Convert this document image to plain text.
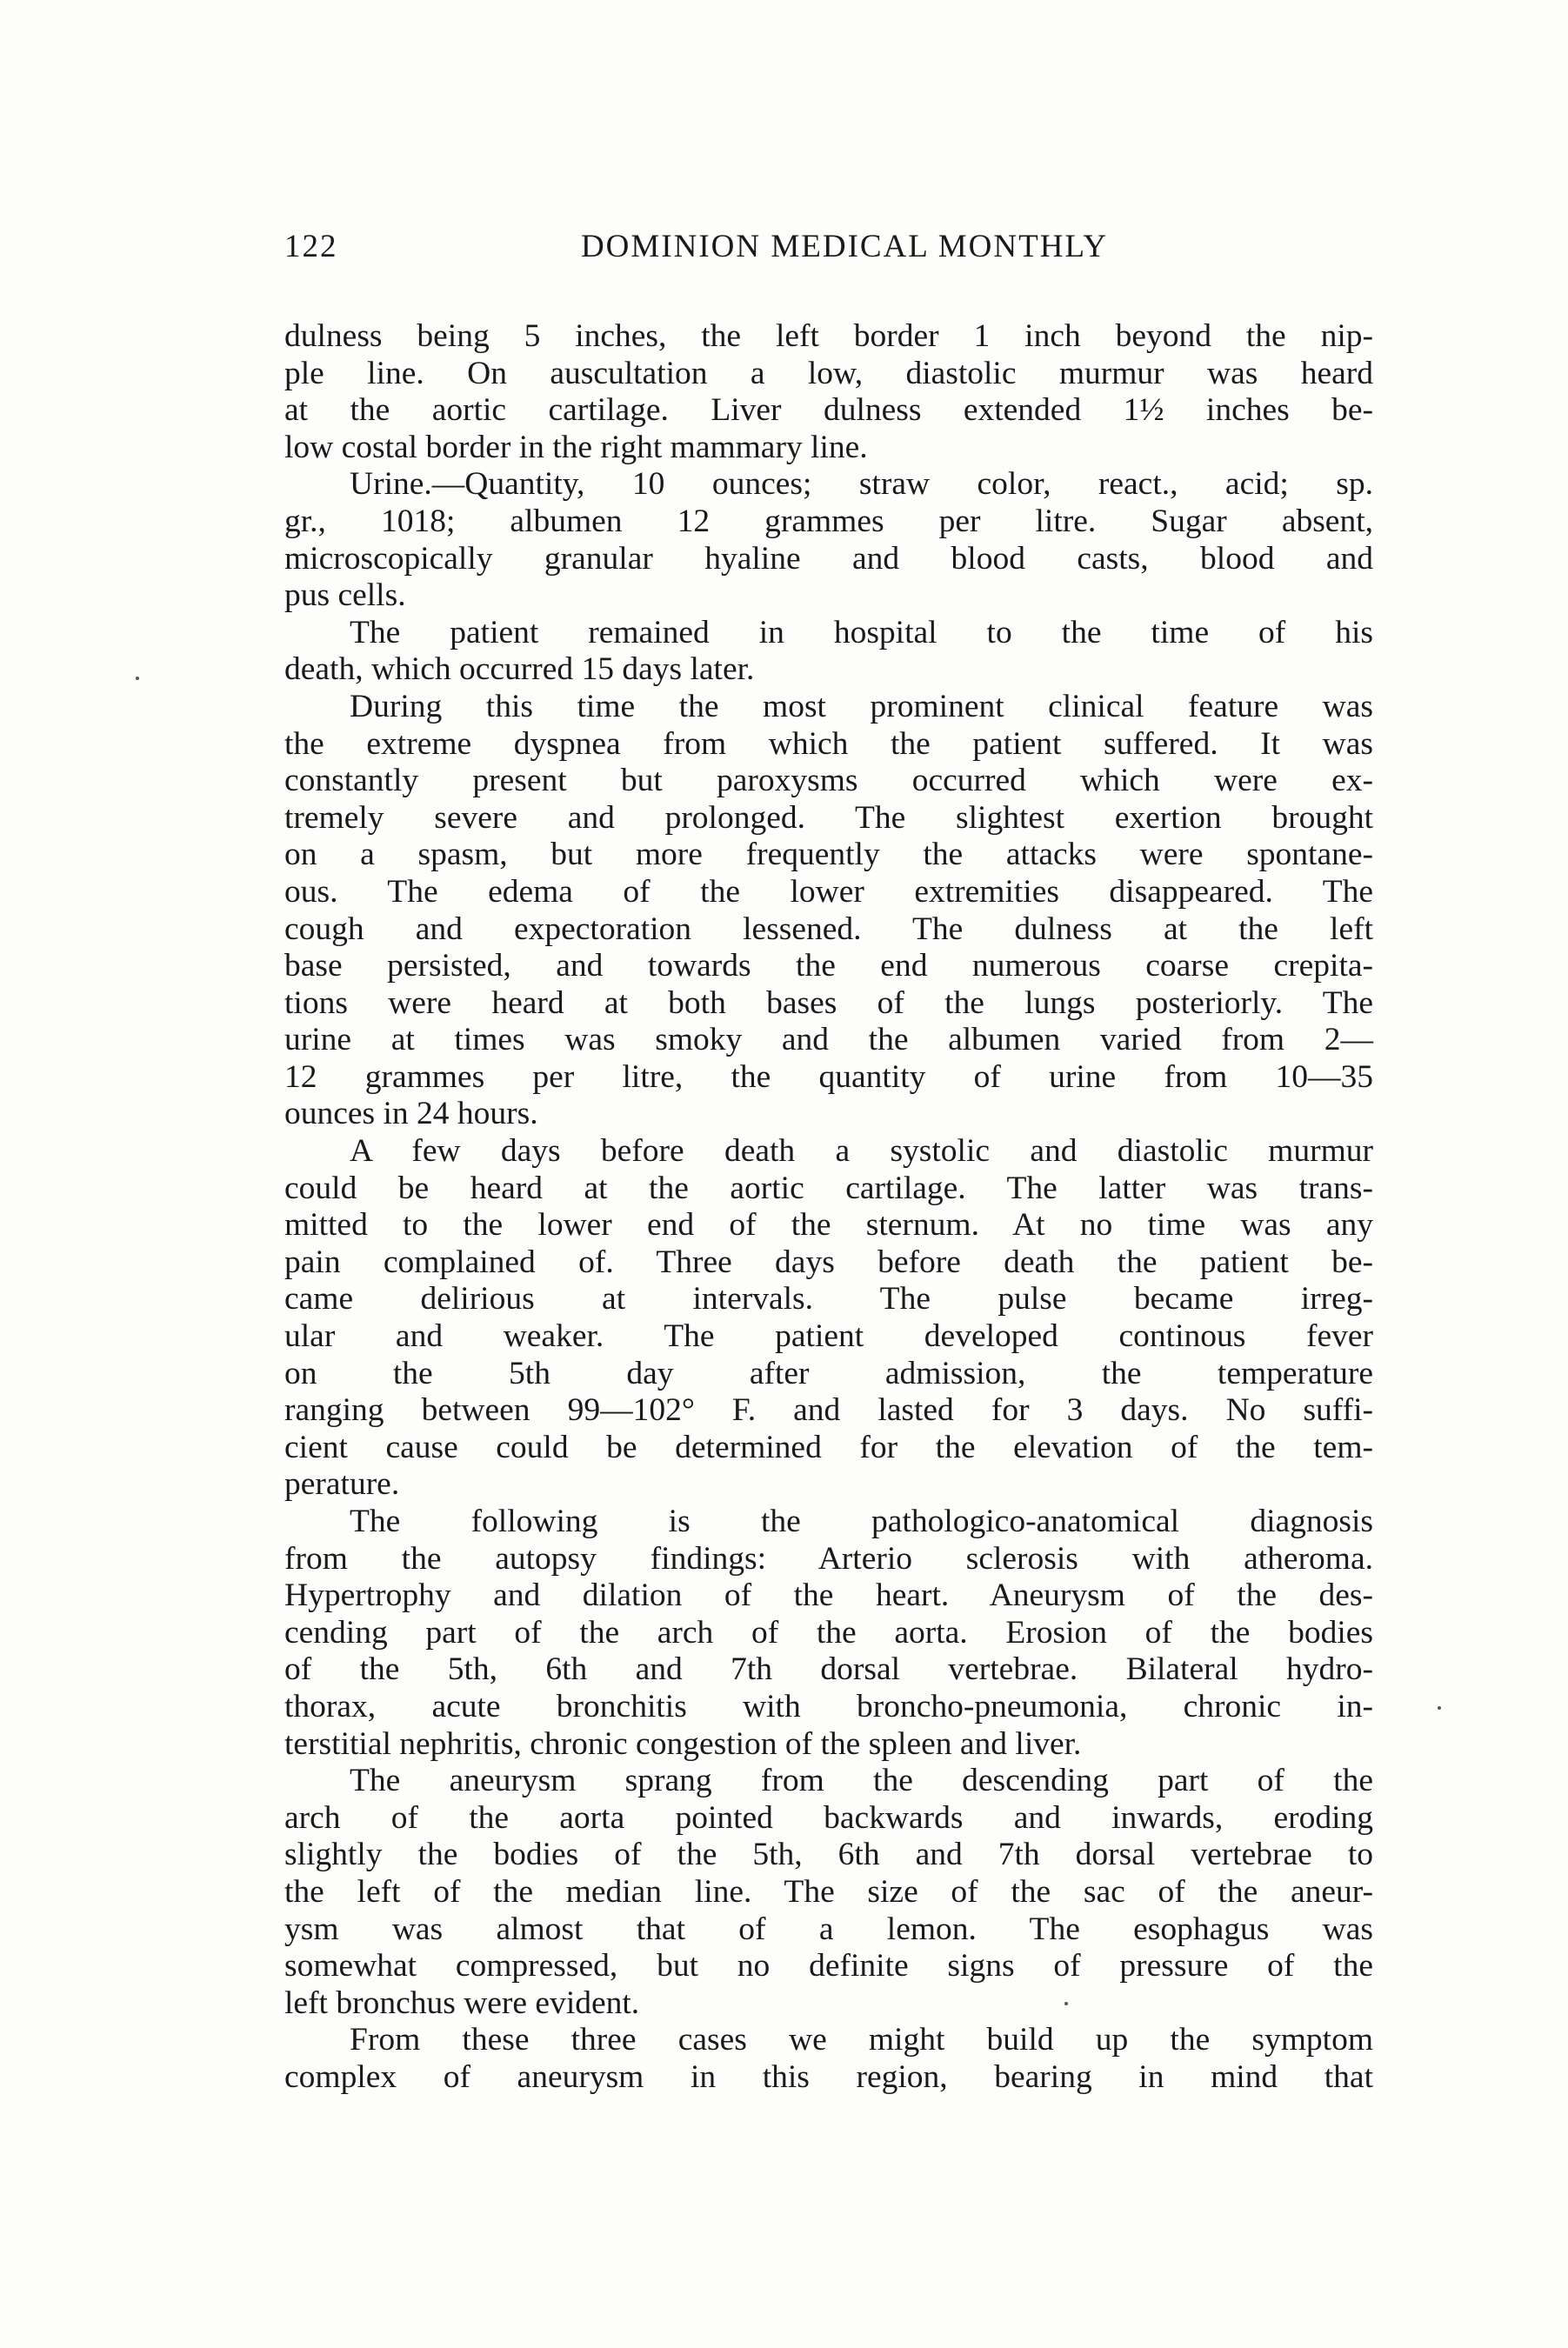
122	DOMINION MEDICAL MONTHLY
dulness being 5 inches, the left border 1 inch beyond the nip-
ple line. On auscultation a low, diastolic murmur was heard
at the aortic cartilage. Liver dulness extended 1½ inches be-
low costal border in the right mammary line.
Urine.—Quantity, 10 ounces; straw color, react., acid; sp.
gr., 1018; albumen 12 grammes per litre. Sugar absent,
microscopically granular hyaline and blood casts, blood and
pus cells.
The patient remained in hospital to the time of his
death, which occurred 15 days later.
During this time the most prominent clinical feature was
the extreme dyspnea from which the patient suffered. It was
constantly present but paroxysms occurred which were ex-
tremely severe and prolonged. The slightest exertion brought
on a spasm, but more frequently the attacks were spontane-
ous. The edema of the lower extremities disappeared. The
cough and expectoration lessened. The dulness at the left
base persisted, and towards the end numerous coarse crepita-
tions were heard at both bases of the lungs posteriorly. The
urine at times was smoky and the albumen varied from 2—
12 grammes per litre, the quantity of urine from 10—35
ounces in 24 hours.
A few days before death a systolic and diastolic murmur
could be heard at the aortic cartilage. The latter was trans-
mitted to the lower end of the sternum. At no time was any
pain complained of. Three days before death the patient be-
came delirious at intervals. The pulse became irreg-
ular and weaker. The patient developed continous fever
on the 5th day after admission, the temperature
ranging between 99—102° F. and lasted for 3 days. No suffi-
cient cause could be determined for the elevation of the tem-
perature.
The following is the pathologico-anatomical diagnosis
from the autopsy findings: Arterio sclerosis with atheroma.
Hypertrophy and dilation of the heart. Aneurysm of the des-
cending part of the arch of the aorta. Erosion of the bodies
of the 5th, 6th and 7th dorsal vertebrae. Bilateral hydro-
thorax, acute bronchitis with broncho-pneumonia, chronic in-
terstitial nephritis, chronic congestion of the spleen and liver.
The aneurysm sprang from the descending part of the
arch of the aorta pointed backwards and inwards, eroding
slightly the bodies of the 5th, 6th and 7th dorsal vertebrae to
the left of the median line. The size of the sac of the aneur-
ysm was almost that of a lemon. The esophagus was
somewhat compressed, but no definite signs of pressure of the
left bronchus were evident.
From these three cases we might build up the symptom
complex of aneurysm in this region, bearing in mind that
